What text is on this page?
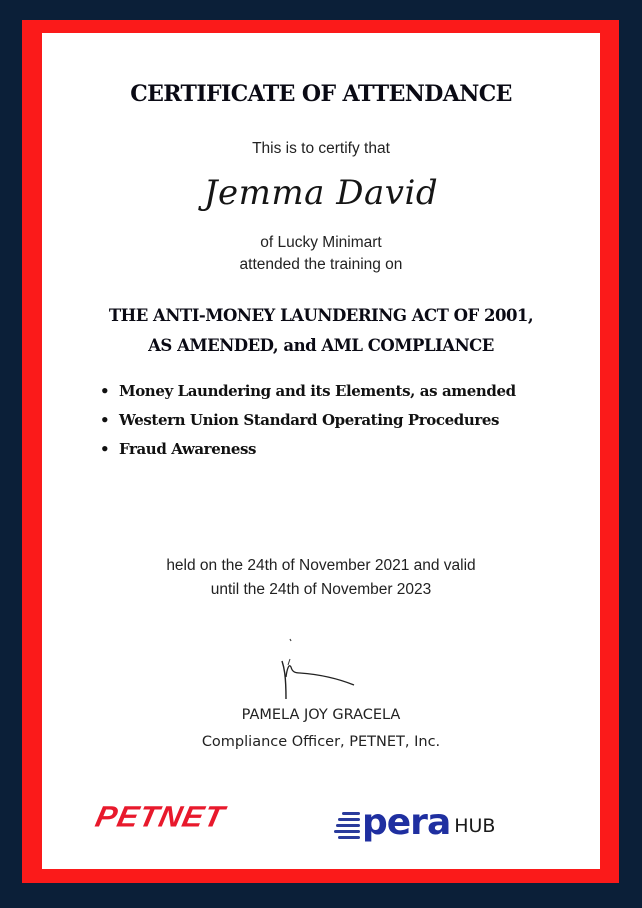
CERTIFICATE OF ATTENDANCE
This is to certify that
Jemma David
of Lucky Minimart
attended the training on
THE ANTI-MONEY LAUNDERING ACT OF 2001,
AS AMENDED, and AML COMPLIANCE
• Money Laundering and its Elements, as amended
• Western Union Standard Operating Procedures
• Fraud Awareness
held on the 24th of November 2021 and valid
until the 24th of November 2023
PAMELA JOY GRACELA
Compliance Officer, PETNET, Inc.
PETNET	pera HUB
